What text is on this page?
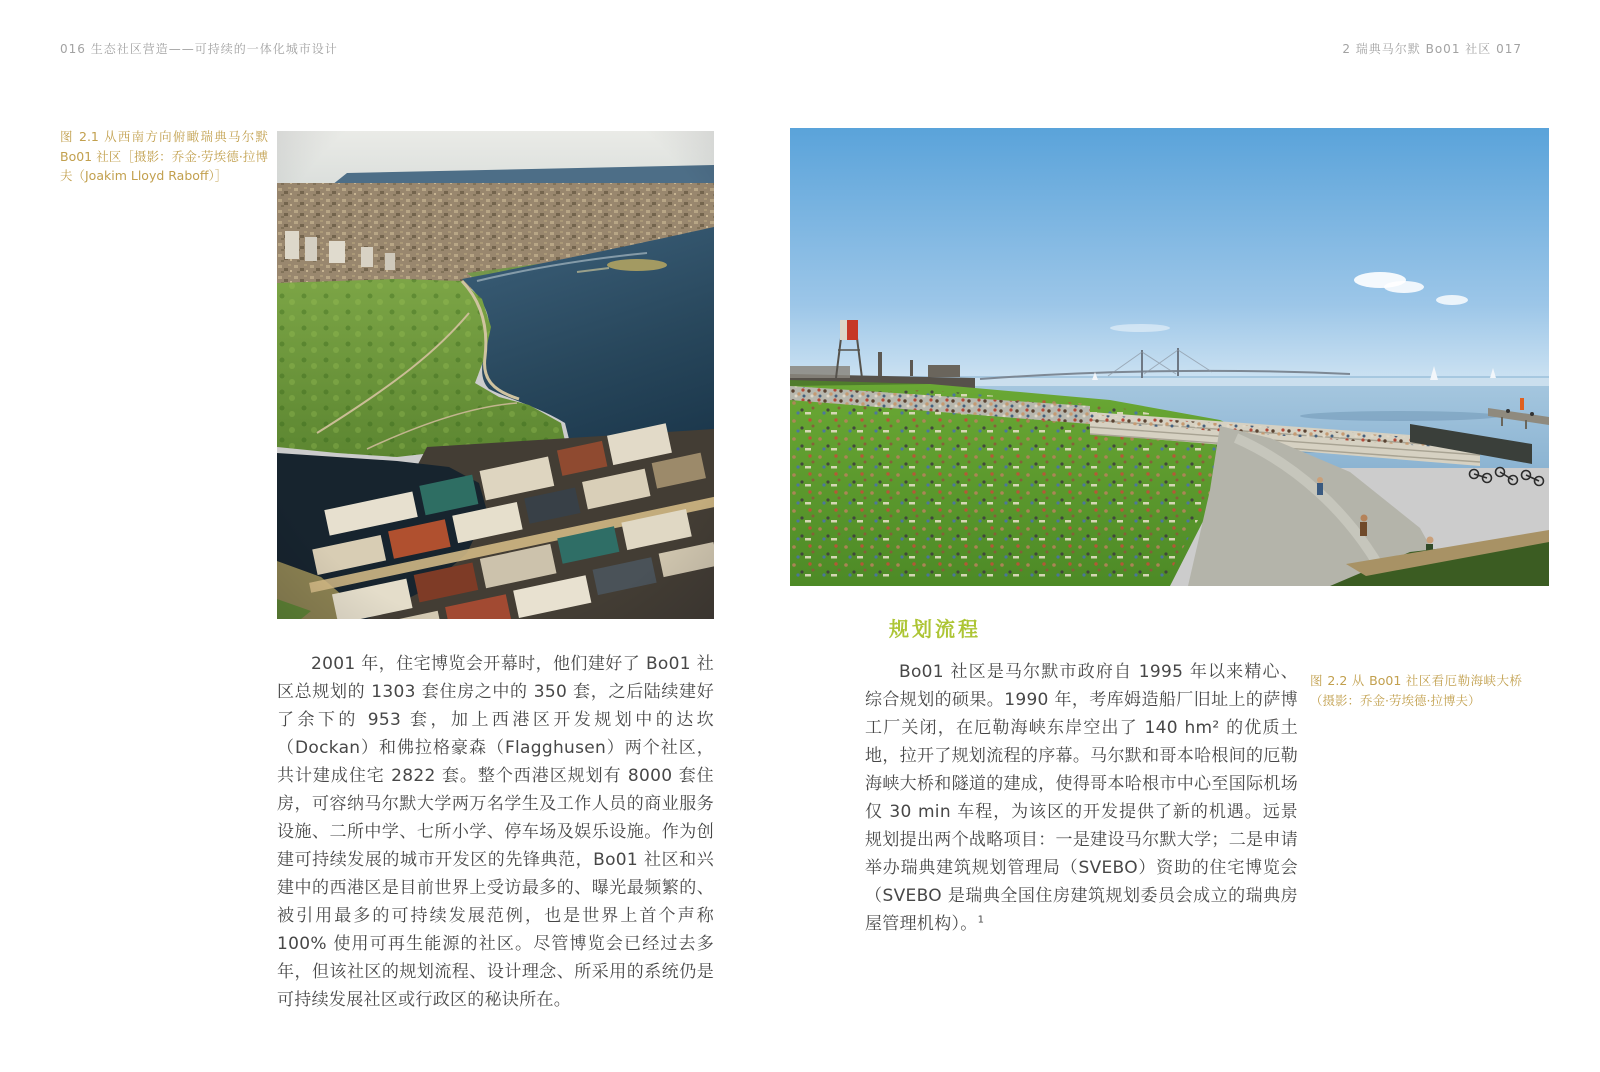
016 生态社区营造——可持续的一体化城市设计	2 瑞典马尔默 Bo01 社区 017
图 2.1 从西南方向俯瞰瑞典马尔默 Bo01 社区［摄影：乔金·劳埃德·拉博夫（Joakim Lloyd Raboff）］
2001 年，住宅博览会开幕时，他们建好了 Bo01 社区总规划的 1303 套住房之中的 350 套，之后陆续建好了余下的 953 套，加上西港区开发规划中的达坎（Dockan）和佛拉格豪森（Flagghusen）两个社区，共计建成住宅 2822 套。整个西港区规划有 8000 套住房，可容纳马尔默大学两万名学生及工作人员的商业服务设施、二所中学、七所小学、停车场及娱乐设施。作为创建可持续发展的城市开发区的先锋典范，Bo01 社区和兴建中的西港区是目前世界上受访最多的、曝光最频繁的、被引用最多的可持续发展范例，也是世界上首个声称 100% 使用可再生能源的社区。尽管博览会已经过去多年，但该社区的规划流程、设计理念、所采用的系统仍是可持续发展社区或行政区的秘诀所在。
规划流程
Bo01 社区是马尔默市政府自 1995 年以来精心、综合规划的硕果。1990 年，考库姆造船厂旧址上的萨博工厂关闭，在厄勒海峡东岸空出了 140 hm² 的优质土地，拉开了规划流程的序幕。马尔默和哥本哈根间的厄勒海峡大桥和隧道的建成，使得哥本哈根市中心至国际机场仅 30 min 车程，为该区的开发提供了新的机遇。远景规划提出两个战略项目：一是建设马尔默大学；二是申请举办瑞典建筑规划管理局（SVEBO）资助的住宅博览会（SVEBO 是瑞典全国住房建筑规划委员会成立的瑞典房屋管理机构）。$^1$
图 2.2 从 Bo01 社区看厄勒海峡大桥（摄影：乔金·劳埃德·拉博夫）
